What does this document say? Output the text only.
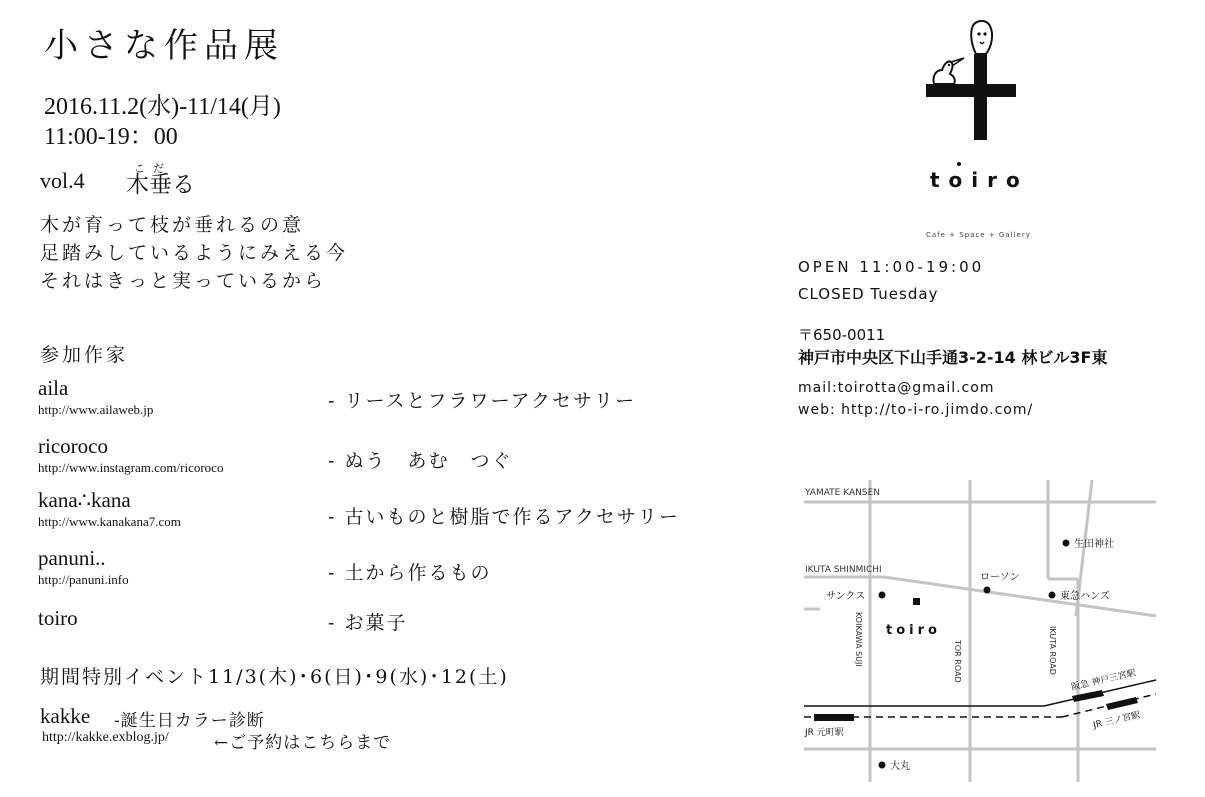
小さな作品展
2016.11.2(水)-11/14(月)
11:00-19：00
vol.4	こだ
木垂る
木が育って枝が垂れるの意
足踏みしているようにみえる今
それはきっと実っているから
参加作家
aila
http://www.ailaweb.jp	- リースとフラワーアクセサリー
ricoroco
http://www.instagram.com/ricoroco	- ぬう　あむ　つぐ
kana∴kana
http://www.kanakana7.com	- 古いものと樹脂で作るアクセサリー
panuni..
http://panuni.info	- 土から作るもの
toiro	- お菓子
期間特別イベント11/3(木)･6(日)･9(水)･12(土)
kakke -誕生日カラー診断
http://kakke.exblog.jp/	←ご予約はこちらまで
toiro
Cafe + Space + Gallery
OPEN 11:00-19:00
CLOSED Tuesday
〒650-0011
神戸市中央区下山手通3-2-14 林ビル3F東
mail:toirotta@gmail.com
web: http://to-i-ro.jimdo.com/
YAMATE KANSEN
IKUTA SHINMICHI
KOIKAWA SUJI	TOR ROAD	IKUTA ROAD
生田神社
ローソン
サンクス	東急ハンズ
toiro
阪急 神戸三宮駅
JR 元町駅
JR 三ノ宮駅
大丸
